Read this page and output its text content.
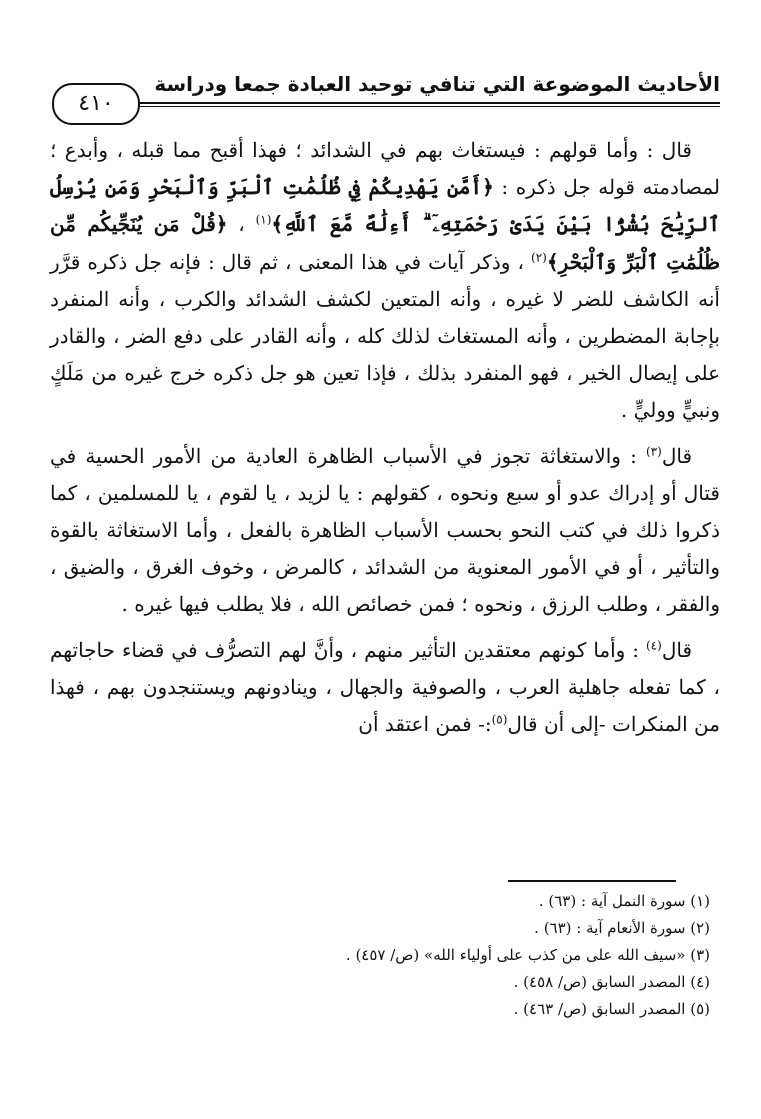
الأحاديث الموضوعة التي تنافي توحيد العبادة جمعا ودراسة
٤١٠

قال : وأما قولهم : فيستغاث بهم في الشدائد ؛ فهذا أقبح مما قبله ، وأبدع ؛ لمصادمته قوله جل ذكره : ﴿أَمَّن يَهْدِيكُمْ فِي ظُلُمَٰتِ ٱلْبَرِّ وَٱلْبَحْرِ وَمَن يُرْسِلُ ٱلرِّيَٰحَ بُشْرًۢا بَيْنَ يَدَىْ رَحْمَتِهِۦٓ ۗ أَءِلَٰهٌ مَّعَ ٱللَّهِ﴾$^{(١)}$ ، ﴿قُلْ مَن يُنَجِّيكُم مِّن ظُلُمَٰتِ ٱلْبَرِّ وَٱلْبَحْرِ﴾$^{(٢)}$ ، وذكر آيات في هذا المعنى ، ثم قال : فإنه جل ذكره قرَّر أنه الكاشف للضر لا غيره ، وأنه المتعين لكشف الشدائد والكرب ، وأنه المنفرد بإجابة المضطرين ، وأنه المستغاث لذلك كله ، وأنه القادر على دفع الضر ، والقادر على إيصال الخير ، فهو المنفرد بذلك ، فإذا تعين هو جل ذكره خرج غيره من مَلَكٍ ونبيٍّ ووليٍّ .

قال$^{(٣)}$ : والاستغاثة تجوز في الأسباب الظاهرة العادية من الأمور الحسية في قتال أو إدراك عدو أو سبع ونحوه ، كقولهم : يا لزيد ، يا لقوم ، يا للمسلمين ، كما ذكروا ذلك في كتب النحو بحسب الأسباب الظاهرة بالفعل ، وأما الاستغاثة بالقوة والتأثير ، أو في الأمور المعنوية من الشدائد ، كالمرض ، وخوف الغرق ، والضيق ، والفقر ، وطلب الرزق ، ونحوه ؛ فمن خصائص الله ، فلا يطلب فيها غيره .

قال$^{(٤)}$ : وأما كونهم معتقدين التأثير منهم ، وأنَّ لهم التصرُّف في قضاء حاجاتهم ، كما تفعله جاهلية العرب ، والصوفية والجهال ، وينادونهم ويستنجدون بهم ، فهذا من المنكرات -إلى أن قال$^{(٥)}$:- فمن اعتقد أن

(١) سورة النمل آية : (٦٣) .
(٢) سورة الأنعام آية : (٦٣) .
(٣) «سيف الله على من كذب على أولياء الله» (ص/ ٤٥٧) .
(٤) المصدر السابق (ص/ ٤٥٨) .
(٥) المصدر السابق (ص/ ٤٦٣) .
